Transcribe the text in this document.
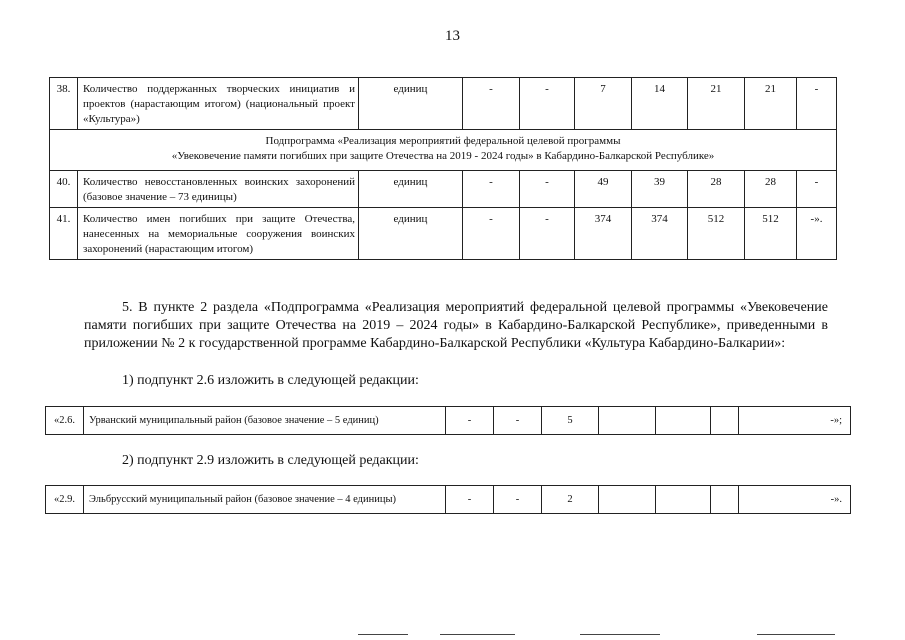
13
38.	Количество поддержанных творческих инициатив и проектов (нарастающим итогом) (национальный проект «Культура»)	единиц	-	-	7	14	21	21	-

Подпрограмма «Реализация мероприятий федеральной целевой программы
«Увековечение памяти погибших при защите Отечества на 2019 - 2024 годы» в Кабардино-Балкарской Республике»									

40.	Количество невосстановленных воинских захоронений (базовое значение – 73 единицы)	единиц	-	-	49	39	28	28	-
41.	Количество имен погибших при защите Отечества, нанесенных на мемориальные сооружения воинских захоронений (нарастающим итогом)	единиц	-	-	374	374	512	512	-».
5. В пункте 2 раздела «Подпрограмма «Реализация мероприятий федеральной целевой программы «Увековечение памяти погибших при защите Отечества на 2019 – 2024 годы» в Кабардино-Балкарской Республике», приведенными в приложении № 2 к государственной программе Кабардино-Балкарской Республики «Культура Кабардино-Балкарии»:
1) подпункт 2.6 изложить в следующей редакции:
«2.6.	Урванский муниципальный район (базовое значение – 5 единиц)	-	-	5				-»;
2) подпункт 2.9 изложить в следующей редакции:
«2.9.	Эльбрусский муниципальный район (базовое значение – 4 единицы)	-	-	2				-».
